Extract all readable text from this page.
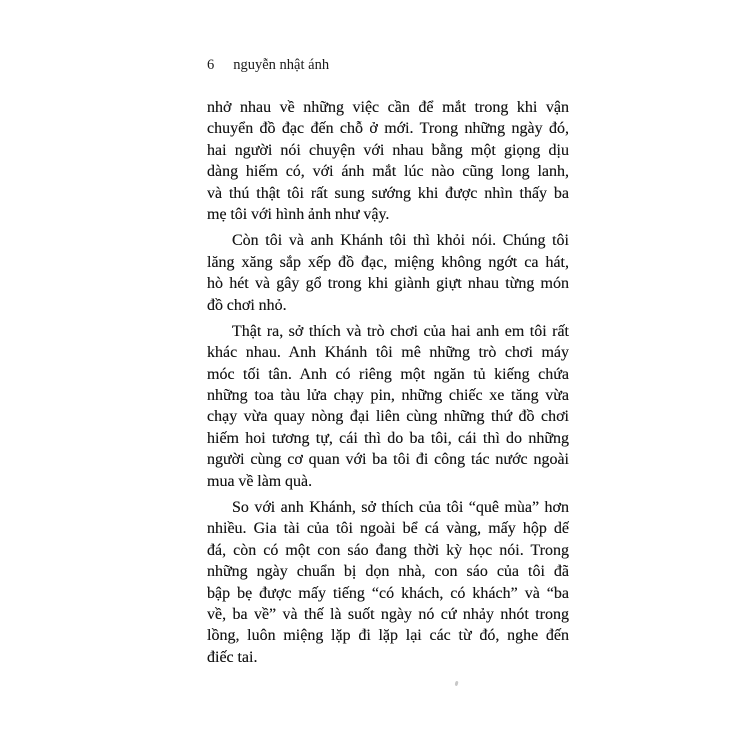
6 nguyễn nhật ánh
nhở nhau về những việc cần để mắt trong khi vận
chuyển đồ đạc đến chỗ ở mới. Trong những ngày đó,
hai người nói chuyện với nhau bằng một giọng dịu
dàng hiếm có, với ánh mắt lúc nào cũng long lanh,
và thú thật tôi rất sung sướng khi được nhìn thấy ba
mẹ tôi với hình ảnh như vậy.
Còn tôi và anh Khánh tôi thì khỏi nói. Chúng tôi
lăng xăng sắp xếp đồ đạc, miệng không ngớt ca hát,
hò hét và gây gổ trong khi giành giựt nhau từng món
đồ chơi nhỏ.
Thật ra, sở thích và trò chơi của hai anh em tôi rất
khác nhau. Anh Khánh tôi mê những trò chơi máy
móc tối tân. Anh có riêng một ngăn tủ kiếng chứa
những toa tàu lửa chạy pin, những chiếc xe tăng vừa
chạy vừa quay nòng đại liên cùng những thứ đồ chơi
hiếm hoi tương tự, cái thì do ba tôi, cái thì do những
người cùng cơ quan với ba tôi đi công tác nước ngoài
mua về làm quà.
So với anh Khánh, sở thích của tôi “quê mùa” hơn
nhiều. Gia tài của tôi ngoài bể cá vàng, mấy hộp dế
đá, còn có một con sáo đang thời kỳ học nói. Trong
những ngày chuẩn bị dọn nhà, con sáo của tôi đã
bập bẹ được mấy tiếng “có khách, có khách” và “ba
về, ba về” và thế là suốt ngày nó cứ nhảy nhót trong
lồng, luôn miệng lặp đi lặp lại các từ đó, nghe đến
điếc tai.
